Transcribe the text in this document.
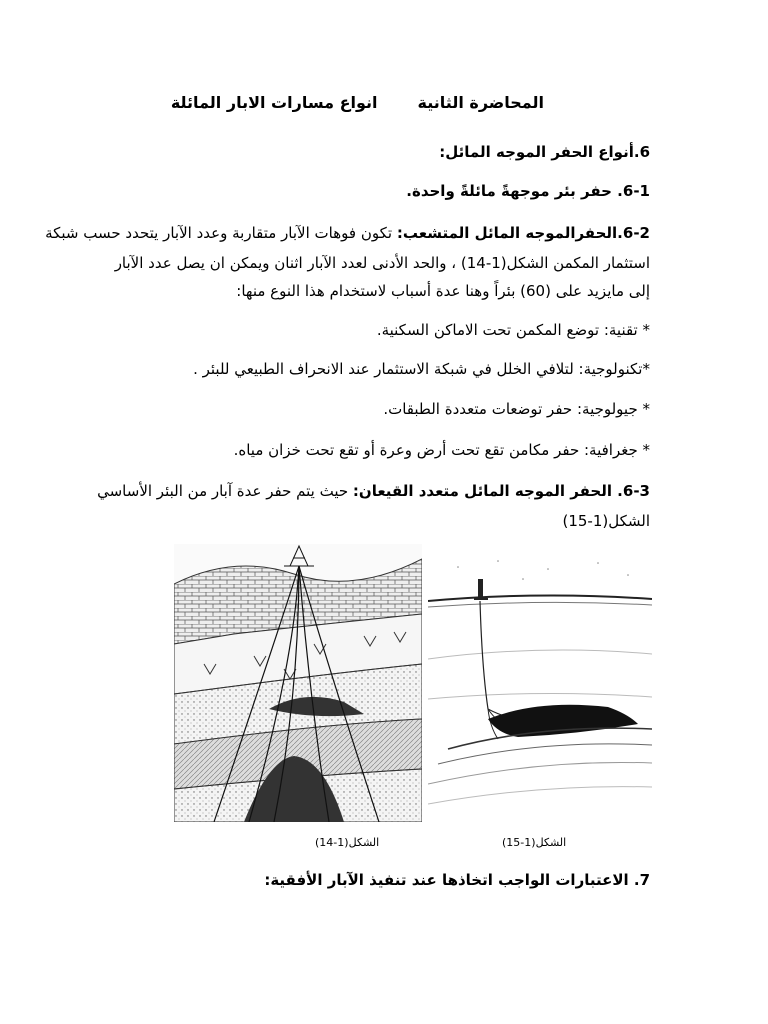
المحاضرة الثانيةانواع مسارات الابار المائلة
6.أنواع الحفر الموجه المائل:
6-1. حفر بئر موجهةً مائلةً واحدة.
6-2.الحفرالموجه المائل المتشعب: تكون فوهات الآبار متقاربة وعدد الآبار يتحدد حسب شبكة
استثمار المكمن الشكل(1-14) ، والحد الأدنى لعدد الآبار اثنان ويمكن ان يصل عدد الآبار
إلى مايزيد على (60) بئراً وهنا عدة أسباب لاستخدام هذا النوع منها:
* تقنية: توضع المكمن تحت الاماكن السكنية.
*تكنولوجية: لتلافي الخلل في شبكة الاستثمار عند الانحراف الطبيعي للبئر .
* جيولوجية: حفر توضعات متعددة الطبقات.
* جغرافية: حفر مكامن تقع تحت أرض وعرة أو تقع تحت خزان مياه.
6-3. الحفر الموجه المائل متعدد القيعان: حيث يتم حفر عدة آبار من البئر الأساسي
الشكل(1-15)
الشكل(1-14)	الشكل(1-15)
7. الاعتبارات الواجب اتخاذها عند تنفيذ الآبار الأفقية:
